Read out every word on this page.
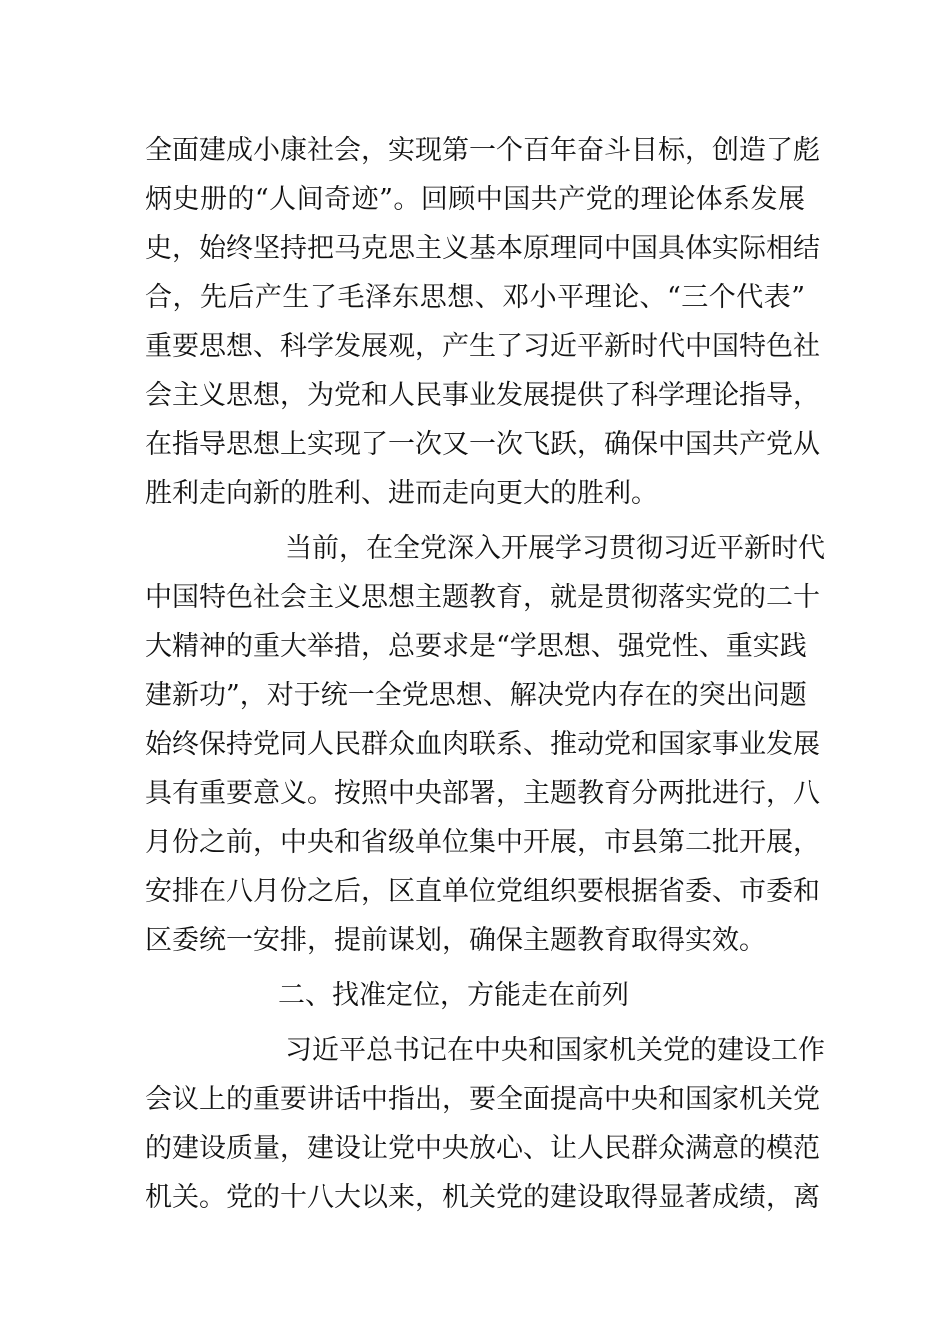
全面建成小康社会，实现第一个百年奋斗目标，创造了彪
炳史册的“人间奇迹”。回顾中国共产党的理论体系发展
史，始终坚持把马克思主义基本原理同中国具体实际相结
合，先后产生了毛泽东思想、邓小平理论、“三个代表”
重要思想、科学发展观，产生了习近平新时代中国特色社
会主义思想，为党和人民事业发展提供了科学理论指导，
在指导思想上实现了一次又一次飞跃，确保中国共产党从
胜利走向新的胜利、进而走向更大的胜利。
当前，在全党深入开展学习贯彻习近平新时代
中国特色社会主义思想主题教育，就是贯彻落实党的二十
大精神的重大举措，总要求是“学思想、强党性、重实践
建新功”，对于统一全党思想、解决党内存在的突出问题
始终保持党同人民群众血肉联系、推动党和国家事业发展
具有重要意义。按照中央部署，主题教育分两批进行，八
月份之前，中央和省级单位集中开展，市县第二批开展，
安排在八月份之后，区直单位党组织要根据省委、市委和
区委统一安排，提前谋划，确保主题教育取得实效。
二、找准定位，方能走在前列
习近平总书记在中央和国家机关党的建设工作
会议上的重要讲话中指出，要全面提高中央和国家机关党
的建设质量，建设让党中央放心、让人民群众满意的模范
机关。党的十八大以来，机关党的建设取得显著成绩，离
